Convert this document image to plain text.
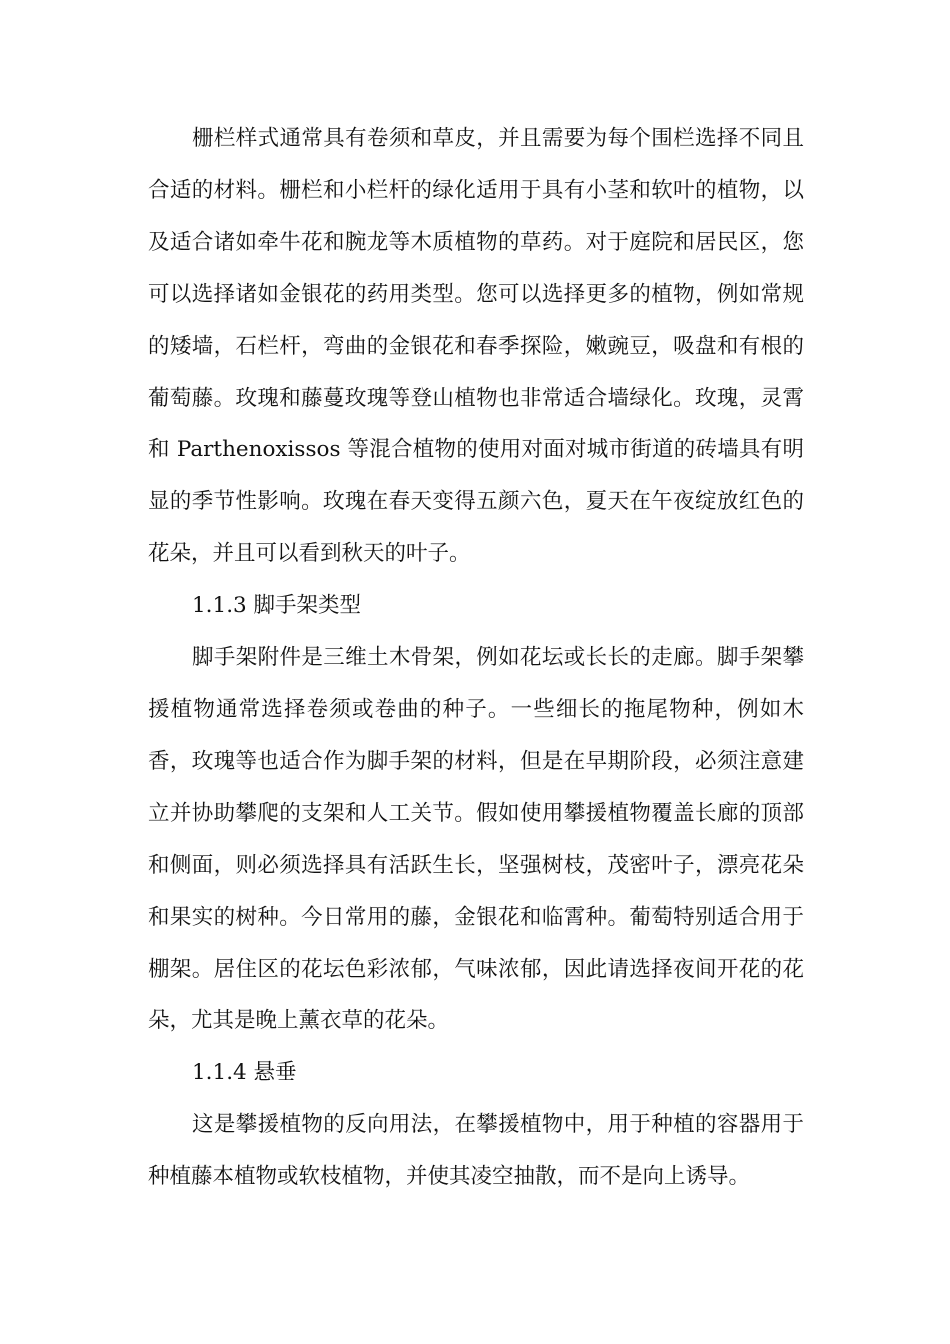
栅栏样式通常具有卷须和草皮，并且需要为每个围栏选择不同且合适的材料。栅栏和小栏杆的绿化适用于具有小茎和软叶的植物，以及适合诸如牵牛花和腕龙等木质植物的草药。对于庭院和居民区，您可以选择诸如金银花的药用类型。您可以选择更多的植物，例如常规的矮墙，石栏杆，弯曲的金银花和春季探险，嫩豌豆，吸盘和有根的葡萄藤。玫瑰和藤蔓玫瑰等登山植物也非常适合墙绿化。玫瑰，灵霄和 Parthenoxissos 等混合植物的使用对面对城市街道的砖墙具有明显的季节性影响。玫瑰在春天变得五颜六色，夏天在午夜绽放红色的花朵，并且可以看到秋天的叶子。

1.1.3 脚手架类型

脚手架附件是三维土木骨架，例如花坛或长长的走廊。脚手架攀援植物通常选择卷须或卷曲的种子。一些细长的拖尾物种，例如木香，玫瑰等也适合作为脚手架的材料，但是在早期阶段，必须注意建立并协助攀爬的支架和人工关节。假如使用攀援植物覆盖长廊的顶部和侧面，则必须选择具有活跃生长，坚强树枝，茂密叶子，漂亮花朵和果实的树种。今日常用的藤，金银花和临霄种。葡萄特别适合用于棚架。居住区的花坛色彩浓郁，气味浓郁，因此请选择夜间开花的花朵，尤其是晚上薰衣草的花朵。

1.1.4 悬垂

这是攀援植物的反向用法，在攀援植物中，用于种植的容器用于种植藤本植物或软枝植物，并使其凌空抽散，而不是向上诱导。
